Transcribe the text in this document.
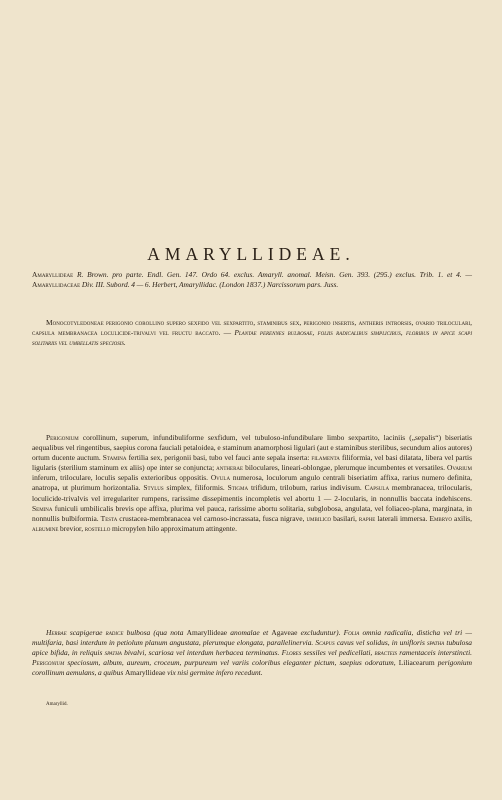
AMARYLLIDEAE.

Amaryllideae R. Brown. pro parte. Endl. Gen. 147. Ordo 64. exclus. Amaryll. anomal. Meisn. Gen. 393. (295.) exclus. Trib. 1. et 4. — Amaryllidaceae Div. III. Subord. 4 — 6. Herbert, Amaryllidac. (London 1837.) Narcissorum pars. Juss.

Monocotyledoneae perigonio corollino supero sexfido vel sexpartito, staminibus sex, perigonio insertis, antheris introrsis, ovario triloculari, capsula membranacea loculicide-trivalvi vel fructu baccato. — Plantae perennes bulbosae, foliis radicalibus simplicibus, floribus in apice scapi solitariis vel umbellatis speciosis.

Perigonium corollinum, superum, infundibuliforme sexfidum, vel tubuloso-infundibulare limbo sexpartito, laciniis („sepalis“) biseriatis aequalibus vel ringentibus, saepius corona fauciali petaloidea, e staminum anamorphosi ligulari (aut e staminibus sterilibus, secundum alios autores) ortum ducente auctum. Stamina fertilia sex, perigonii basi, tubo vel fauci ante sepala inserta: filamenta filiformia, vel basi dilatata, libera vel partis ligularis (sterilium staminum ex aliis) ope inter se conjuncta; antherae biloculares, lineari-oblongae, plerumque incumbentes et versatiles. Ovarium inferum, triloculare, loculis sepalis exterioribus oppositis. Ovula numerosa, loculorum angulo centrali biseriatim affixa, rarius numero definita, anatropa, ut plurimum horizontalia. Stylus simplex, filiformis. Stigma trifidum, trilobum, rarius indivisum. Capsula membranacea, trilocularis, loculicide-trivalvis vel irregulariter rumpens, rarissime dissepimentis incompletis vel abortu 1 — 2-locularis, in nonnullis baccata indehiscens. Semina funiculi umbilicalis brevis ope affixa, plurima vel pauca, rarissime abortu solitaria, subglobosa, angulata, vel foliaceo-plana, marginata, in nonnullis bulbiformia. Testa crustacea-membranacea vel carnoso-incrassata, fusca nigrave, umbilico basilari, raphe laterali immersa. Embryo axilis, albumine brevior, rostello micropylen hilo approximatum attingente.

Herbae scapigerae radice bulbosa (qua nota Amaryllideae anomalae et Agaveae excluduntur). Folia omnia radicalia, disticha vel tri — multifaria, basi interdum in petiolum planum angustata, plerumque elongata, parallelinervia. Scapus cavus vel solidus, in unifloris spatha tubulosa apice bifida, in reliquis spatha bivalvi, scariosa vel interdum herbacea terminatus. Flores sessiles vel pedicellati, bracteis ramentaceis interstincti. Perigonium speciosum, album, aureum, croceum, purpureum vel variis coloribus eleganter pictum, saepius odoratum, Liliacearum perigonium corollinum aemulans, a quibus Amaryllideae vix nisi germine infero recedunt.

Amaryllid.
